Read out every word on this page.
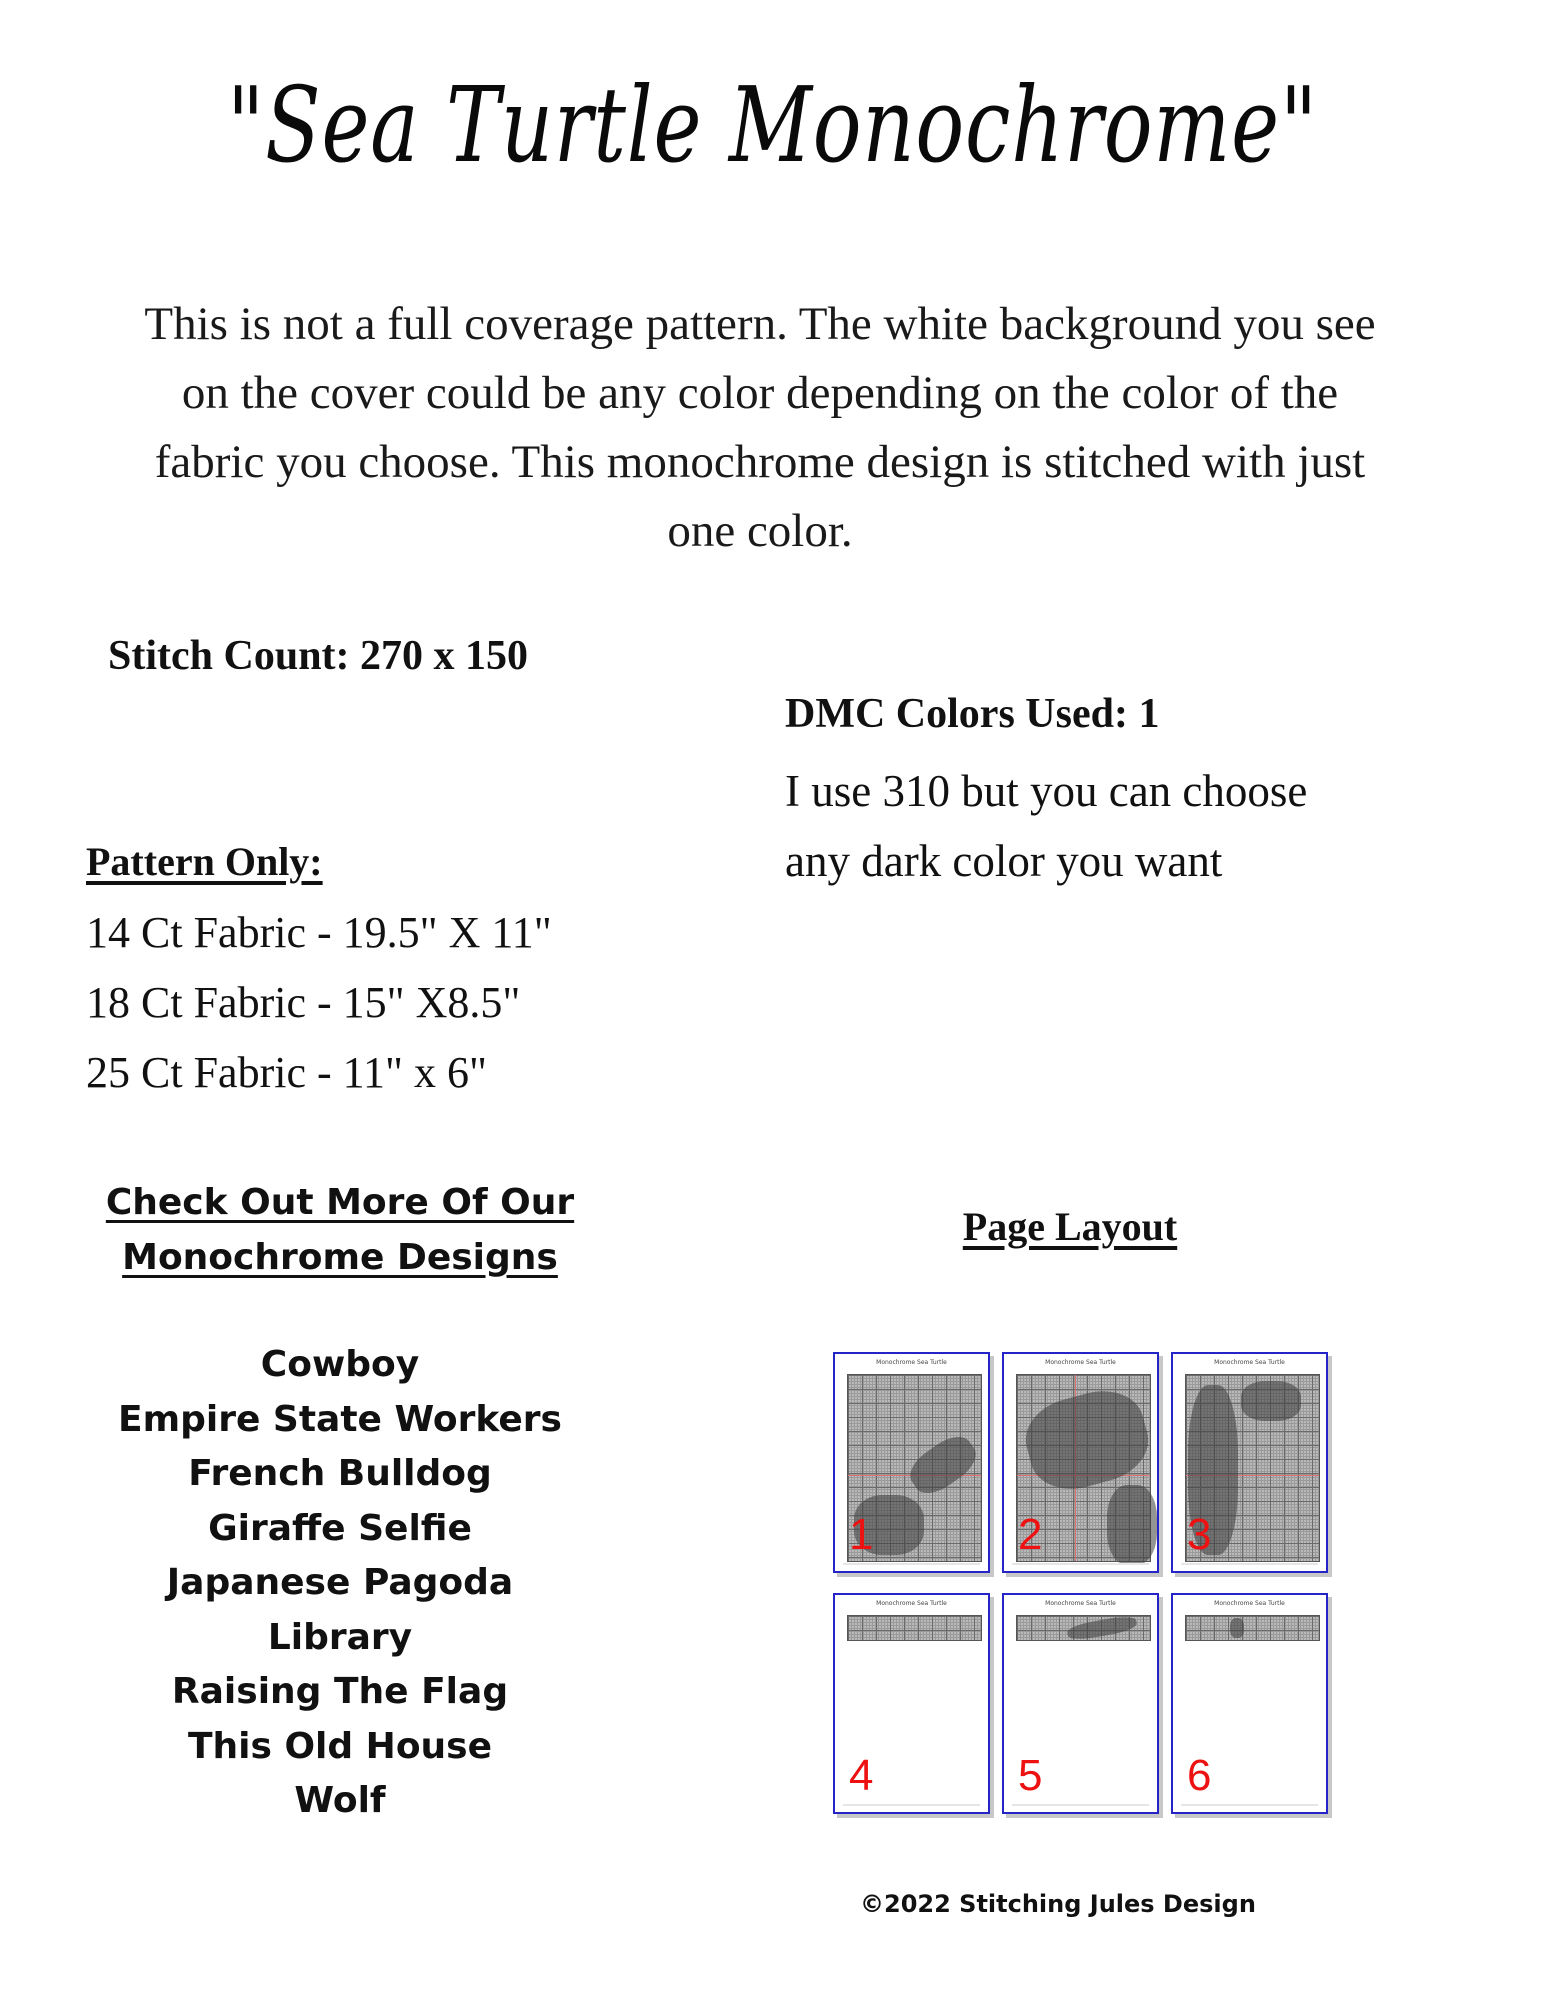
"Sea Turtle Monochrome"
This is not a full coverage pattern. The white background you see on the cover could be any color depending on the color of the fabric you choose. This monochrome design is stitched with just one color.
Stitch Count: 270 x 150
DMC Colors Used: 1
I use 310 but you can choose
any dark color you want
Pattern Only:
14 Ct Fabric - 19.5" X 11"
18 Ct Fabric - 15" X8.5"
25 Ct Fabric - 11" x 6"
Check Out More Of Our
Monochrome Designs
Cowboy
Empire State Workers
French Bulldog
Giraffe Selfie
Japanese Pagoda
Library
Raising The Flag
This Old House
Wolf
Page Layout
Monochrome Sea Turtle
1
Monochrome Sea Turtle
2
Monochrome Sea Turtle
3
Monochrome Sea Turtle
4
Monochrome Sea Turtle
5
Monochrome Sea Turtle
6
©2022 Stitching Jules Design
